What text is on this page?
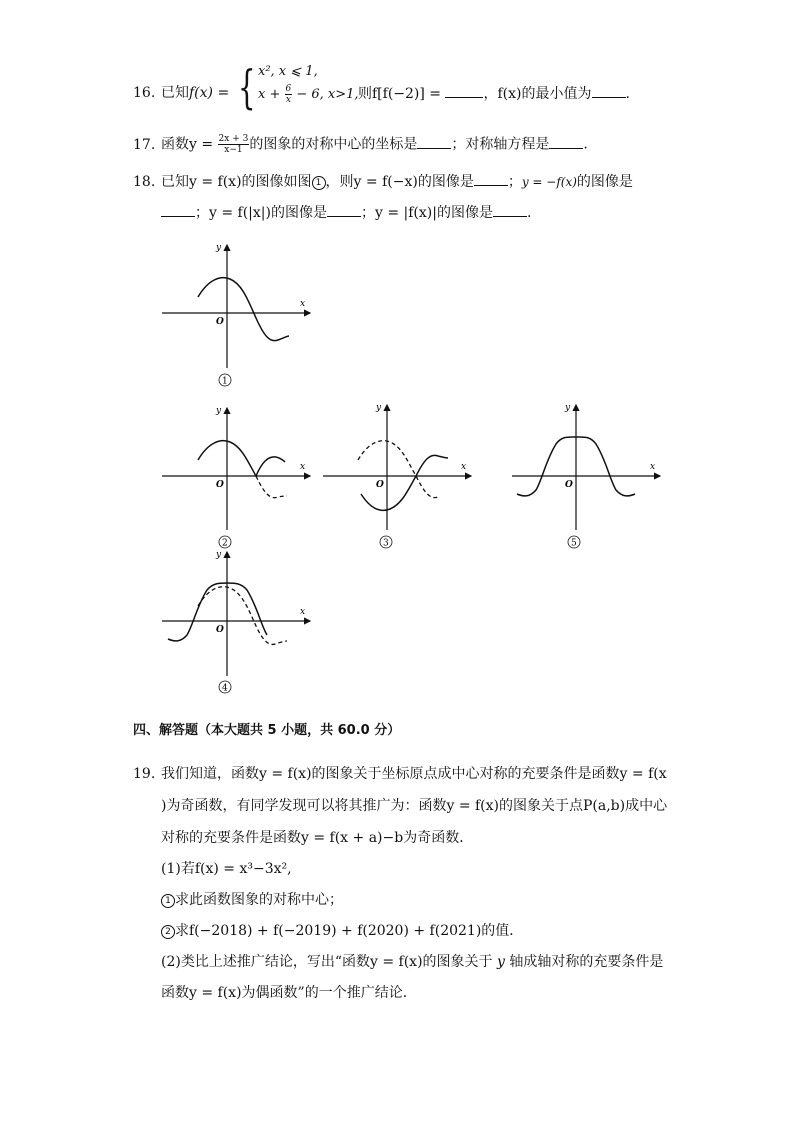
16. 已知f(x) = { x², x ⩽ 1,
$x + \frac{6}{x} - 6$, x>1, 则f[f(−2)] =	，f(x)的最小值为 .
17. 函数$y = \frac{2x + 3}{x-1}$ 的图象的对称中心的坐标是 ；对称轴方程是 .
18. 已知y = f(x)的图像如图 1 ，则y = f(−x)的图像是 ；y = −f(x)的图像是
；y = f(|x|)的图像是 ；y = |f(x)|的图像是 .
x
y
O
1
x
y
O
2
x
y
O
3
x
y
O
5
x
y
O
4
四、解答题（本大题共 5 小题，共 60.0 分）
19. 我们知道，函数y = f(x)的图象关于坐标原点成中心对称的充要条件是函数y = f(x
)为奇函数，有同学发现可以将其推广为：函数y = f(x)的图象关于点P(a,b)成中心
对称的充要条件是函数y = f(x + a)−b为奇函数．
(1)若f(x) = x³−3x²,
1 求此函数图象的对称中心；
2 求f(−2018) + f(−2019) + f(2020) + f(2021)的值．
(2)类比上述推广结论，写出“函数y = f(x)的图象关于 y 轴成轴对称的充要条件是
函数y = f(x)为偶函数”的一个推广结论．
